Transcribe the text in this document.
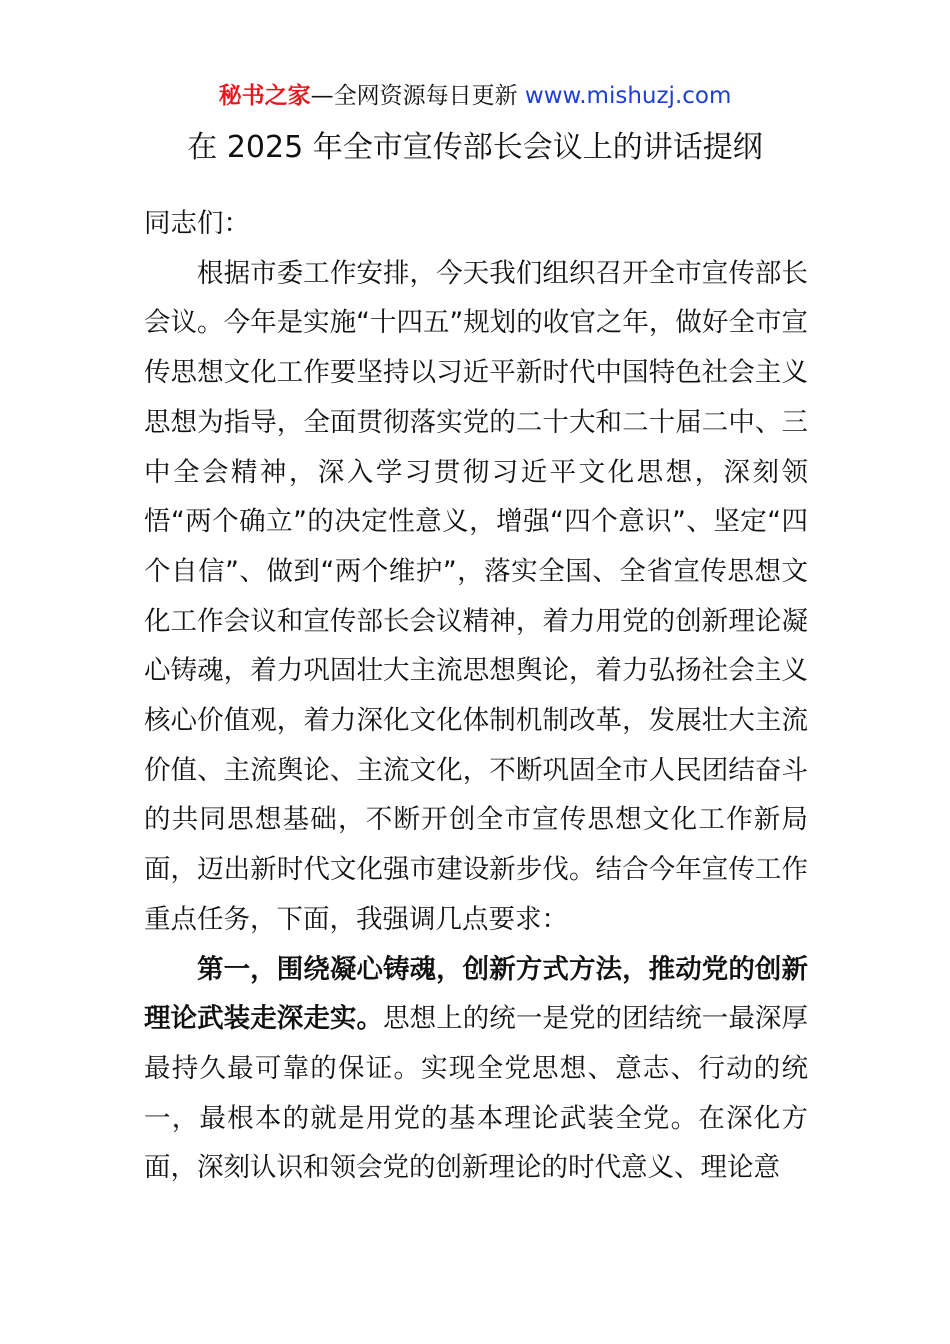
秘书之家—全网资源每日更新 www.mishuzj.com
在 2025 年全市宣传部长会议上的讲话提纲

同志们：

根据市委工作安排，今天我们组织召开全市宣传部长会议。今年是实施“十四五”规划的收官之年，做好全市宣传思想文化工作要坚持以习近平新时代中国特色社会主义思想为指导，全面贯彻落实党的二十大和二十届二中、三中全会精神，深入学习贯彻习近平文化思想，深刻领悟“两个确立”的决定性意义，增强“四个意识”、坚定“四个自信”、做到“两个维护”，落实全国、全省宣传思想文化工作会议和宣传部长会议精神，着力用党的创新理论凝心铸魂，着力巩固壮大主流思想舆论，着力弘扬社会主义核心价值观，着力深化文化体制机制改革，发展壮大主流价值、主流舆论、主流文化，不断巩固全市人民团结奋斗的共同思想基础，不断开创全市宣传思想文化工作新局面，迈出新时代文化强市建设新步伐。结合今年宣传工作重点任务，下面，我强调几点要求：

第一，围绕凝心铸魂，创新方式方法，推动党的创新理论武装走深走实。思想上的统一是党的团结统一最深厚最持久最可靠的保证。实现全党思想、意志、行动的统一，最根本的就是用党的基本理论武装全党。在深化方面，深刻认识和领会党的创新理论的时代意义、理论意
